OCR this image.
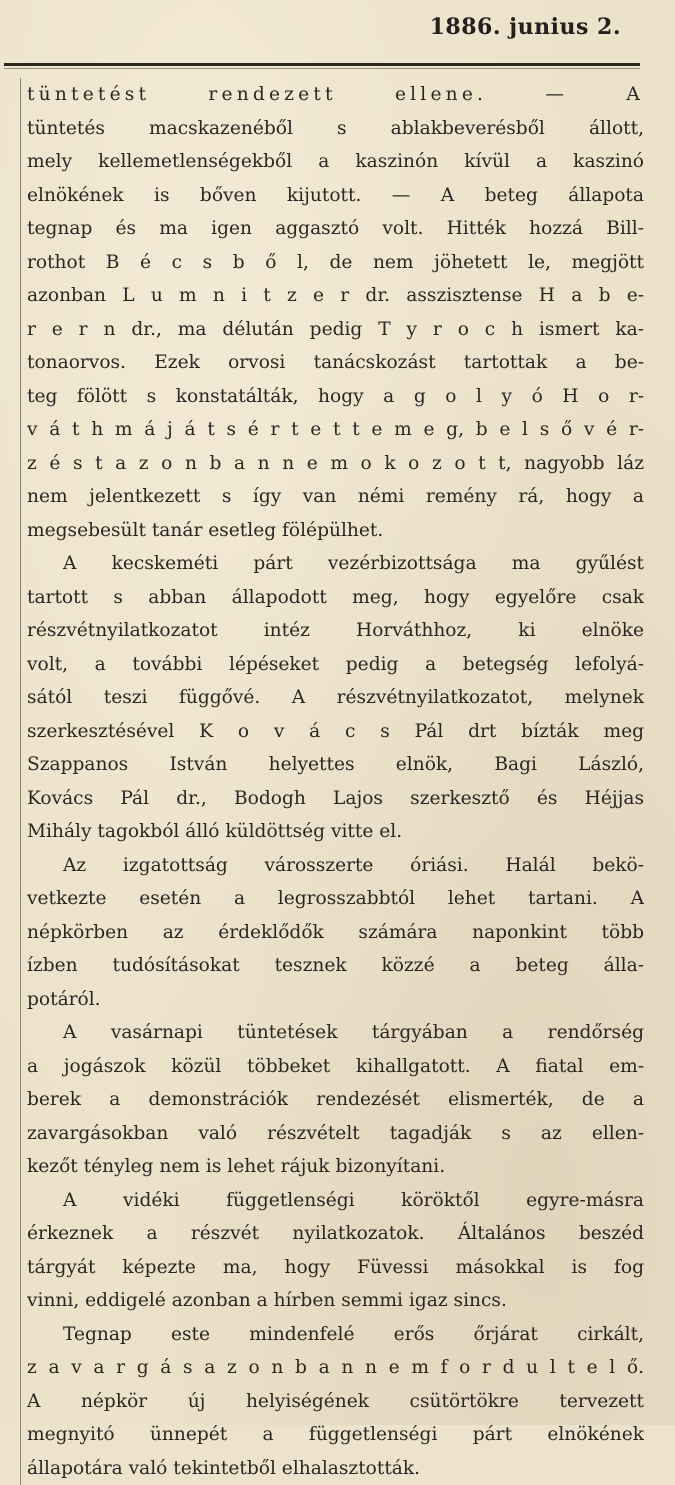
1886. junius 2.
tüntetést rendezett ellene. — A
tüntetés macskazenéből s ablakbeverésből állott,
mely kellemetlenségekből a kaszinón kívül a kaszinó
elnökének is bőven kijutott. — A beteg állapota
tegnap és ma igen aggasztó volt. Hitték hozzá Bill-
rothot B é c s b ő l, de nem jöhetett le, megjött
azonban L u m n i t z e r dr. asszisztense H a b e-
r e r n dr., ma délután pedig T y r o c h ismert ka-
tonaorvos. Ezek orvosi tanácskozást tartottak a be-
teg fölött s konstatálták, hogy a g o l y ó H o r-
v á t h m á j á t s é r t e t t e m e g, b e l s ő v é r-
z é s t a z o n b a n n e m o k o z o t t, nagyobb láz
nem jelentkezett s így van némi remény rá, hogy a
megsebesült tanár esetleg fölépülhet.
A kecskeméti párt vezérbizottsága ma gyűlést
tartott s abban állapodott meg, hogy egyelőre csak
részvétnyilatkozatot intéz Horváthhoz, ki elnöke
volt, a további lépéseket pedig a betegség lefolyá-
sától teszi függővé. A részvétnyilatkozatot, melynek
szerkesztésével K o v á c s Pál drt bízták meg
Szappanos István helyettes elnök, Bagi László,
Kovács Pál dr., Bodogh Lajos szerkesztő és Héjjas
Mihály tagokból álló küldöttség vitte el.
Az izgatottság városszerte óriási. Halál bekö-
vetkezte esetén a legrosszabbtól lehet tartani. A
népkörben az érdeklődők számára naponkint több
ízben tudósításokat tesznek közzé a beteg álla-
potáról.
A vasárnapi tüntetések tárgyában a rendőrség
a jogászok közül többeket kihallgatott. A fiatal em-
berek a demonstrációk rendezését elismerték, de a
zavargásokban való részvételt tagadják s az ellen-
kezőt tényleg nem is lehet rájuk bizonyítani.
A vidéki függetlenségi köröktől egyre-másra
érkeznek a részvét nyilatkozatok. Általános beszéd
tárgyát képezte ma, hogy Füvessi másokkal is fog
vinni, eddigelé azonban a hírben semmi igaz sincs.
Tegnap este mindenfelé erős őrjárat cirkált,
z a v a r g á s a z o n b a n n e m f o r d u l t e l ő.
A népkör új helyiségének csütörtökre tervezett
megnyitó ünnepét a függetlenségi párt elnökének
állapotára való tekintetből elhalasztották.
